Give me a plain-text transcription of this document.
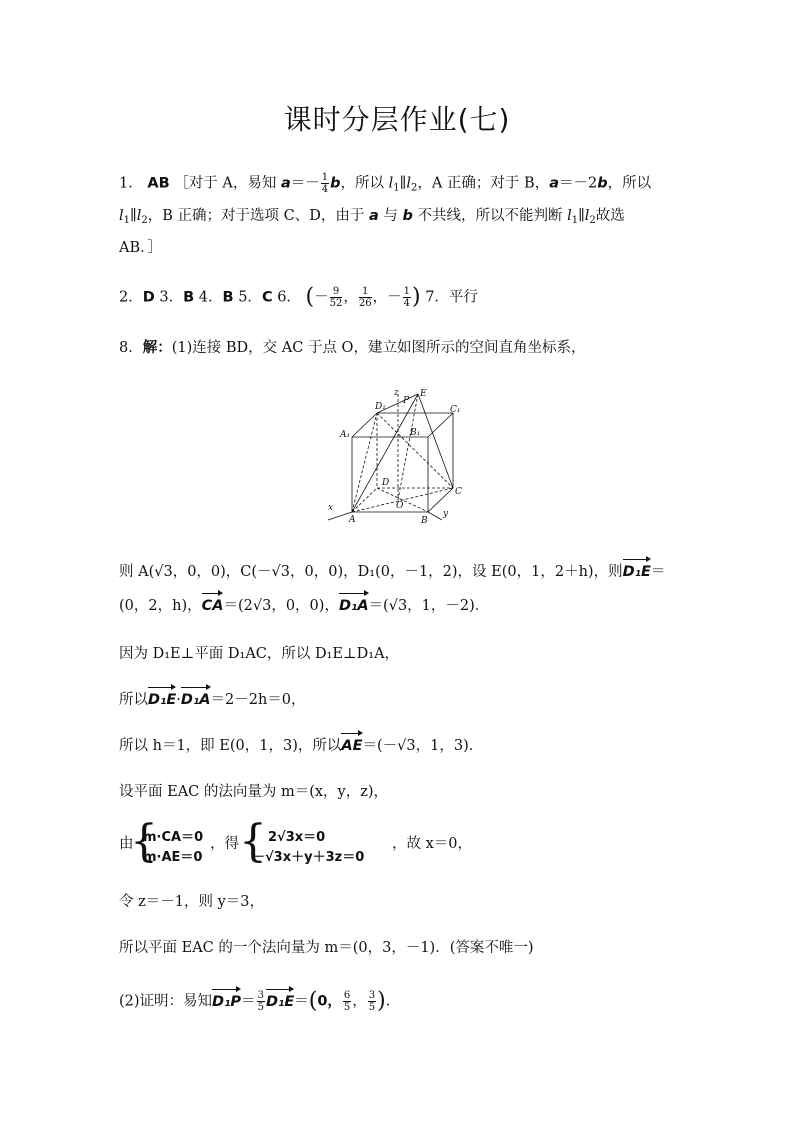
课时分层作业(七)
1． AB ［对于 A，易知 $a=- \frac{1}{4}$ b，所以 $l_1\parallel l_2$，A 正确；对于 B，a＝－2b，所以
$l_1\parallel l_2$，B 正确；对于选项 C、D，由于 a 与 b 不共线，所以不能判断 $l_1\parallel l_2$故选
AB．］
2．D 3．B 4．B 5．C 6． (－ $\frac{9}{52}$ ， $\frac{1}{26}$ ，－ $\frac{1}{4}$ ) 7．平行
8．解：(1)连接 BD，交 AC 于点 O，建立如图所示的空间直角坐标系，
z
P
E
D₁	C₁
A₁	B₁
D
C
O
x
A	B
y
则 A(√3，0，0)，C(－√3，0，0)，D₁(0，－1，2)，设 E(0，1，2＋h)，则D₁E＝
(0，2，h)，CA＝(2√3，0，0)，D₁A＝(√3，1，－2)．
因为 D₁E⊥平面 D₁AC，所以 D₁E⊥D₁A，
所以D₁E·D₁A＝2－2h＝0，
所以 h＝1，即 E(0，1，3)，所以AE＝(－√3，1，3)．
设平面 EAC 的法向量为 m＝(x，y，z)，
由
{
m·CA＝0
m·AE＝0
，得 { 2√3x＝0
－√3x＋y＋3z＝0
，故 x＝0，
令 z＝－1，则 y＝3，
所以平面 EAC 的一个法向量为 m＝(0，3，－1)．(答案不唯一)
(2)证明：易知$D_1P= \frac{3}{5} D_1E=(0$， $\frac{6}{5}$ ， $\frac{3}{5}$ )．
